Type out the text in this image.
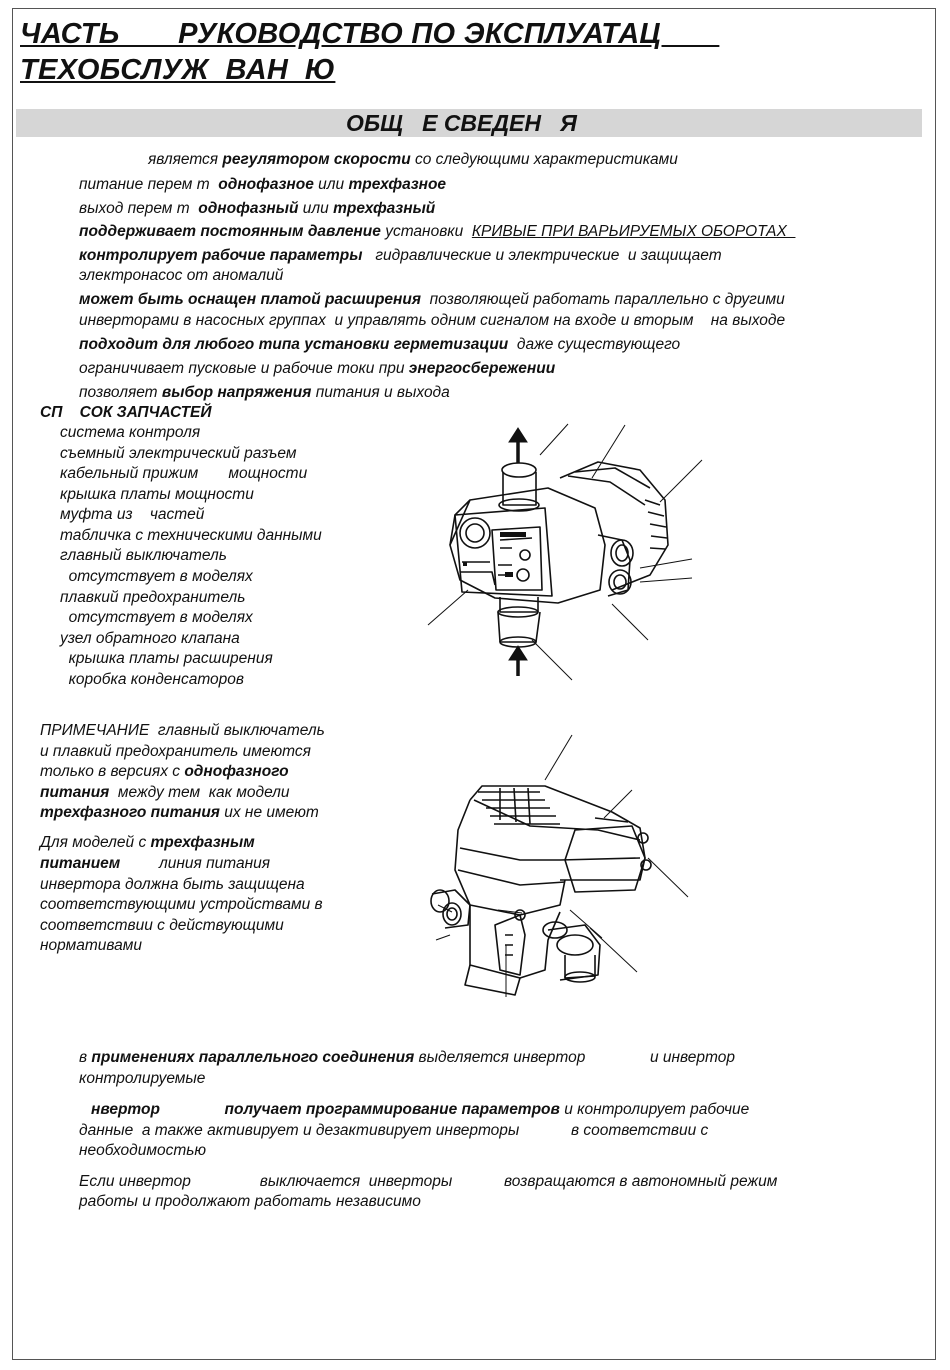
ЧАСТЬ       РУКОВОДСТВО ПО ЭКСПЛУАТАЦ
ТЕХОБСЛУЖ  ВАН  Ю
ОБЩ   Е СВЕДЕН   Я
является регулятором скорости со следующими характеристиками
питание перем т  однофазное или трехфазное
выход перем т  однофазный или трехфазный
поддерживает постоянным давление установки  КРИВЫЕ ПРИ ВАРЬИРУЕМЫХ ОБОРОТАХ
контролирует рабочие параметры   гидравлические и электрические  и защищает
электронасос от аномалий
может быть оснащен платой расширения  позволяющей работать параллельно с другими
инверторами в насосных группах  и управлять одним сигналом на входе и вторым    на выходе
подходит для любого типа установки герметизации  даже существующего
ограничивает пусковые и рабочие токи при энергосбережении
позволяет выбор напряжения питания и выхода
СП    СОК ЗАПЧАСТЕЙ
система контроля
съемный электрический разъем
кабельный прижим       мощности
крышка платы мощности
муфта из    частей
табличка с техническими данными
главный выключатель
отсутствует в моделях
плавкий предохранитель
отсутствует в моделях
узел обратного клапана
крышка платы расширения
коробка конденсаторов
ПРИМЕЧАНИЕ  главный выключатель
и плавкий предохранитель имеются
только в версиях с однофазного
питания  между тем  как модели
трехфазного питания их не имеют
Для моделей с трехфазным
питанием         линия питания
инвертора должна быть защищена
соответствующими устройствами в
соответствии с действующими
нормативами
в применениях параллельного соединения выделяется инвертор               и инвертор
контролируемые
нвертор               получает программирование параметров и контролирует рабочие
данные  а также активирует и дезактивирует инверторы            в соответствии с
необходимостью
Если инвертор                выключается  инверторы            возвращаются в автономный режим
работы и продолжают работать независимо
